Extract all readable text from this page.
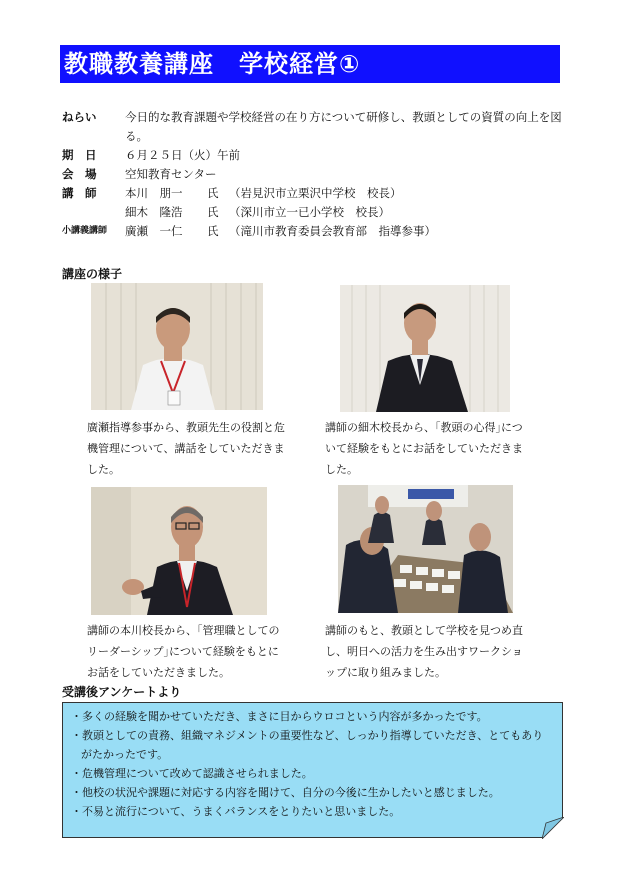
教職教養講座　学校経営①
ねらい	今日的な教育課題や学校経営の在り方について研修し、教頭としての資質の向上を図る。
期　日	６月２５日（火）午前
会　場	空知教育センター
講　師	本川　朋一	氏 （岩見沢市立栗沢中学校　校長）
細木　隆浩	氏 （深川市立一已小学校　校長）
小講義講師	廣瀬　一仁	氏 （滝川市教育委員会教育部　指導参事）
講座の様子
廣瀬指導参事から、教頭先生の役割と危機管理について、講話をしていただきました。
講師の細木校長から、｢教頭の心得｣について経験をもとにお話をしていただきました。
講師の本川校長から、｢管理職としてのリーダーシップ｣について経験をもとにお話をしていただきました。
講師のもと、教頭として学校を見つめ直し、明日への活力を生み出すワークショップに取り組みました。
受講後アンケートより
・多くの経験を聞かせていただき、まさに目からウロコという内容が多かったです。
・教頭としての責務、組織マネジメントの重要性など、しっかり指導していただき、とてもありがたかったです。
・危機管理について改めて認識させられました。
・他校の状況や課題に対応する内容を聞けて、自分の今後に生かしたいと感じました。
・不易と流行について、うまくバランスをとりたいと思いました。
